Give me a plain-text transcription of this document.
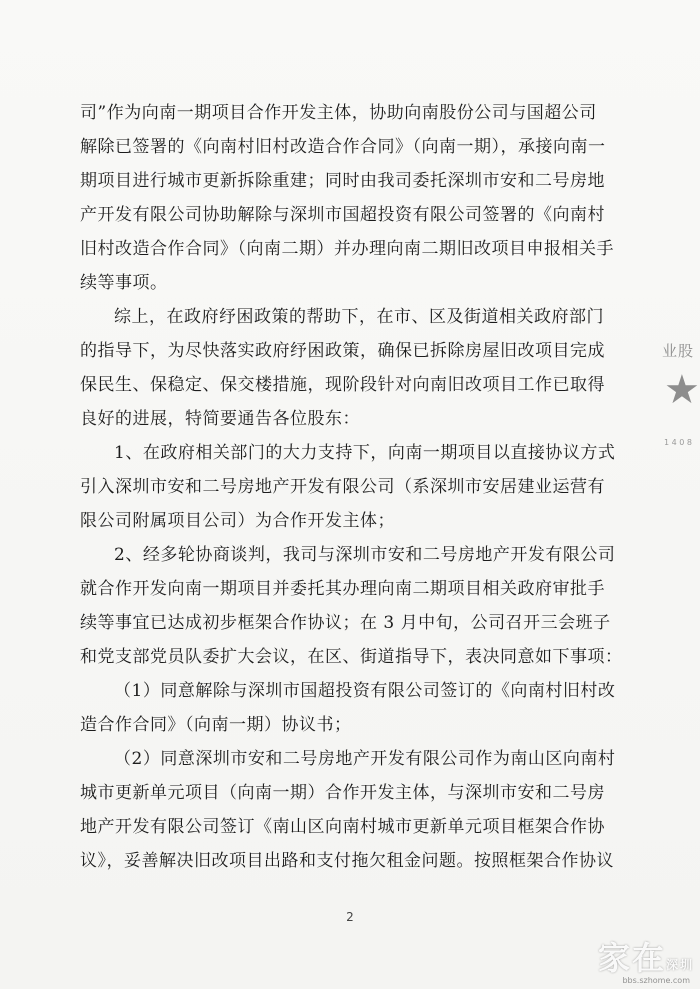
司”作为向南一期项目合作开发主体，协助向南股份公司与国超公司
解除已签署的《向南村旧村改造合作合同》（向南一期），承接向南一
期项目进行城市更新拆除重建；同时由我司委托深圳市安和二号房地
产开发有限公司协助解除与深圳市国超投资有限公司签署的《向南村
旧村改造合作合同》（向南二期）并办理向南二期旧改项目申报相关手
续等事项。
综上，在政府纾困政策的帮助下，在市、区及街道相关政府部门
的指导下，为尽快落实政府纾困政策，确保已拆除房屋旧改项目完成
保民生、保稳定、保交楼措施，现阶段针对向南旧改项目工作已取得
良好的进展，特简要通告各位股东：
1、在政府相关部门的大力支持下，向南一期项目以直接协议方式
引入深圳市安和二号房地产开发有限公司（系深圳市安居建业运营有
限公司附属项目公司）为合作开发主体；
2、经多轮协商谈判，我司与深圳市安和二号房地产开发有限公司
就合作开发向南一期项目并委托其办理向南二期项目相关政府审批手
续等事宜已达成初步框架合作协议；在 3 月中旬，公司召开三会班子
和党支部党员队委扩大会议，在区、街道指导下，表决同意如下事项：
（1）同意解除与深圳市国超投资有限公司签订的《向南村旧村改
造合作合同》（向南一期）协议书；
（2）同意深圳市安和二号房地产开发有限公司作为南山区向南村
城市更新单元项目（向南一期）合作开发主体，与深圳市安和二号房
地产开发有限公司签订《南山区向南村城市更新单元项目框架合作协
议》，妥善解决旧改项目出路和支付拖欠租金问题。按照框架合作协议
2
业股
★
1 4 0 8
家在深圳
bbs.szhome.com
